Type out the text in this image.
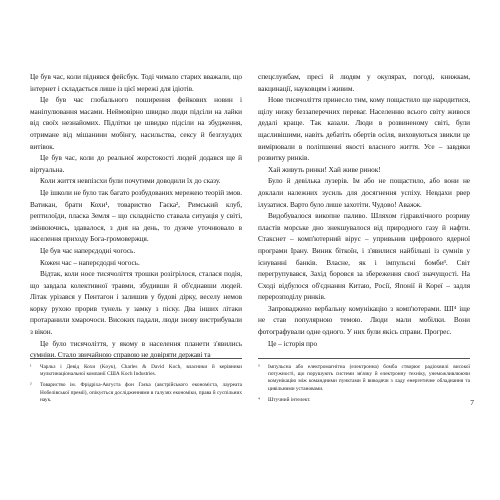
Це був час, коли піднявся фейсбук. Тоді чимало старих вважали, що інтернет і складається лише із цієї мережі для ідіотів.

Це був час глобального поширення фейкових новин і маніпулювання масами. Неймовірно швидко люди підсіли на лайки від своїх незнайомих. Підлітки це швидко підсіли на збудження, отримане від мішанини мобінгу, насильства, сексу й безглуздих витівок.

Це був час, коли до реальної жорстокості людей додався ще й віртуальна.

Коли життя невпізсхи були почутими доводили їх до сказу.

Це ішколи не було так багато розбудованих мережею теорій змов. Ватикан, брати Кохи¹, товариство Гаєка², Римський клуб, рептилоїди, пласка Земля – що складністю ставала ситуація у світі, змінюючись, здавалося, з дня на день, то дужче уточнювало в населення приходу Бога-громовержця.

Це був час наперєдодні чогось.

Кожен час – наперєдодні чогось.

Відтак, коли ноєе тисячоліття трошки розігрілося, сталася подія, що завдала колективної травми, збудивши й об'єднавши людей. Літак урізався у Пентагон і залишив у будові дірку, веселу немов корку рухою прорив тунель у замку з піску. Два інших літаки протаранили хмарочоси. Високих падали, люди знову вистрибували з вікон.

Це було тисячоліття, у якому в населення планети з'явились сумніви. Стало звичайною справою не довіряти державі та

спецслужбам, пресі й людям у окулярах, погоді, книжкам, вакцинації, науковцям і живим.

Нове тисячоліття принесло тим, кому пощастило ще народитися, щілу низку беззаперечних переваг. Населенню всього світу живося дедалі краще. Так казали. Люди в розвиненому світі, були щасливішими, навіть дебатіть обертів осіля, виховуються звикли це вимірювали в поліпшенні якості власного життя. Усе – завдяки розвитку ринків.

Хай живуть ринки! Хай живе ринок!

Було й девілька лузерів. Ім або не пощастило, або вони не доклали належних зусиль для досягнення успіху. Невдахи рвер ілузатися. Варто було лише захотіти. Чудово! Аважж.

Видобувалося викопне паливо. Шляхом гідравлічного розриву пластів морське дно знекшувалося від природного газу й нафти. Стакснет – комп'ютерний вірус – упривьнив цифрового ядерної програми Ірану. Виник біткоїн, і з'явилися найбільші із сумнів у існуванні банків. Власне, як і імпульсні бомби³. Світ перегрупувався, Захід боровся за збереження своєї значущості. На Сході відбулося об'єднання Китаю, Росії, Японії й Кореї – задля перерозподілу ринків.

Запроваджено вербальну комунікацію з комп'ютерами. ШІ⁴ іще не став популярною темою. Люди мали мобілки. Вони фотографували одне одного. У них були якісь справи. Прогрес.

Це – історія про

¹	Чарльз і Девід Кохи (Koyк), Charles & David Koch, власники й керівники мультинаціональної компанії США Koch Industries.
²	Товариство ім. Фрідріха-Августа фон Гаєка (австрійського економіста, лауреата Нобелівської премії), опікується дослідженнями в галузях економіки, права й суспільних наук.
³	Імпульсна або електромагнітна (електронна) бомба створює радіохвилі високої потужності, що порушують системи зв'язку й електронну техніку, унеможливлюючи комунікацію між командними пунктами й виводячи з ладу енергетичне обладнання та цивільними установами.
⁴	Штучний інтелект.	7
